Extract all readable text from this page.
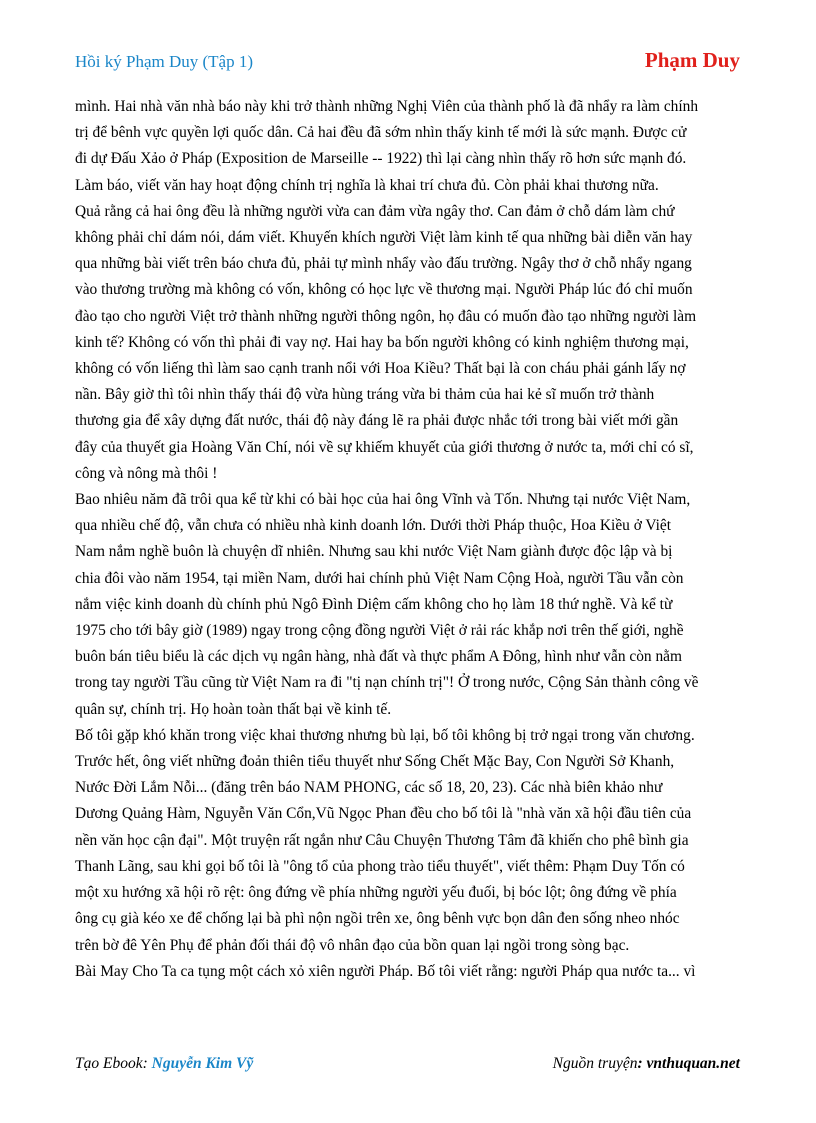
Hồi ký Phạm Duy (Tập 1)	Phạm Duy

mình. Hai nhà văn nhà báo này khi trở thành những Nghị Viên của thành phố là đã nhẩy ra làm chính
trị để bênh vực quyền lợi quốc dân. Cả hai đều đã sớm nhìn thấy kinh tế mới là sức mạnh. Được cử
đi dự Đấu Xảo ở Pháp (Exposition de Marseille -- 1922) thì lại càng nhìn thấy rõ hơn sức mạnh đó.
Làm báo, viết văn hay hoạt động chính trị nghĩa là khai trí chưa đủ. Còn phải khai thương nữa.

Quả rằng cả hai ông đều là những người vừa can đảm vừa ngây thơ. Can đảm ở chỗ dám làm chứ
không phải chỉ dám nói, dám viết. Khuyến khích người Việt làm kinh tế qua những bài diễn văn hay
qua những bài viết trên báo chưa đủ, phải tự mình nhẩy vào đấu trường. Ngây thơ ở chỗ nhẩy ngang
vào thương trường mà không có vốn, không có học lực về thương mại. Người Pháp lúc đó chỉ muốn
đào tạo cho người Việt trở thành những người thông ngôn, họ đâu có muốn đào tạo những người làm
kinh tế? Không có vốn thì phải đi vay nợ. Hai hay ba bốn người không có kinh nghiệm thương mại,
không có vốn liếng thì làm sao cạnh tranh nổi với Hoa Kiều? Thất bại là con cháu phải gánh lấy nợ
nần. Bây giờ thì tôi nhìn thấy thái độ vừa hùng tráng vừa bi thảm của hai kẻ sĩ muốn trở thành
thương gia để xây dựng đất nước, thái độ này đáng lẽ ra phải được nhắc tới trong bài viết mới gần
đây của thuyết gia Hoàng Văn Chí, nói về sự khiếm khuyết của giới thương ở nước ta, mới chỉ có sĩ,
công và nông mà thôi !

Bao nhiêu năm đã trôi qua kể từ khi có bài học của hai ông Vĩnh và Tốn. Nhưng tại nước Việt Nam,
qua nhiều chế độ, vẫn chưa có nhiều nhà kinh doanh lớn. Dưới thời Pháp thuộc, Hoa Kiều ở Việt
Nam nắm nghề buôn là chuyện dĩ nhiên. Nhưng sau khi nước Việt Nam giành được độc lập và bị
chia đôi vào năm 1954, tại miền Nam, dưới hai chính phủ Việt Nam Cộng Hoà, người Tầu vẫn còn
nắm việc kinh doanh dù chính phủ Ngô Đình Diệm cấm không cho họ làm 18 thứ nghề. Và kể từ
1975 cho tới bây giờ (1989) ngay trong cộng đồng người Việt ở rải rác khắp nơi trên thế giới, nghề
buôn bán tiêu biểu là các dịch vụ ngân hàng, nhà đất và thực phẩm A Đông, hình như vẫn còn nằm
trong tay người Tầu cũng từ Việt Nam ra đi "tị nạn chính trị"! Ở trong nước, Cộng Sản thành công về
quân sự, chính trị. Họ hoàn toàn thất bại về kinh tế.

Bố tôi gặp khó khăn trong việc khai thương nhưng bù lại, bố tôi không bị trở ngại trong văn chương.
Trước hết, ông viết những đoản thiên tiểu thuyết như Sống Chết Mặc Bay, Con Người Sở Khanh,
Nước Đời Lắm Nỗi... (đăng trên báo NAM PHONG, các số 18, 20, 23). Các nhà biên khảo như
Dương Quảng Hàm, Nguyễn Văn Cổn,Vũ Ngọc Phan đều cho bố tôi là "nhà văn xã hội đầu tiên của
nền văn học cận đại". Một truyện rất ngắn như Câu Chuyện Thương Tâm đã khiến cho phê bình gia
Thanh Lãng, sau khi gọi bố tôi là "ông tổ của phong trào tiểu thuyết", viết thêm: Phạm Duy Tốn có
một xu hướng xã hội rõ rệt: ông đứng về phía những người yếu đuối, bị bóc lột; ông đứng về phía
ông cụ già kéo xe để chống lại bà phì nộn ngồi trên xe, ông bênh vực bọn dân đen sống nheo nhóc
trên bờ đê Yên Phụ để phản đối thái độ vô nhân đạo của bồn quan lại ngồi trong sòng bạc.

Bài May Cho Ta ca tụng một cách xỏ xiên người Pháp. Bố tôi viết rằng: người Pháp qua nước ta... vì

Tạo Ebook: Nguyễn Kim Vỹ	Nguồn truyện: vnthuquan.net
